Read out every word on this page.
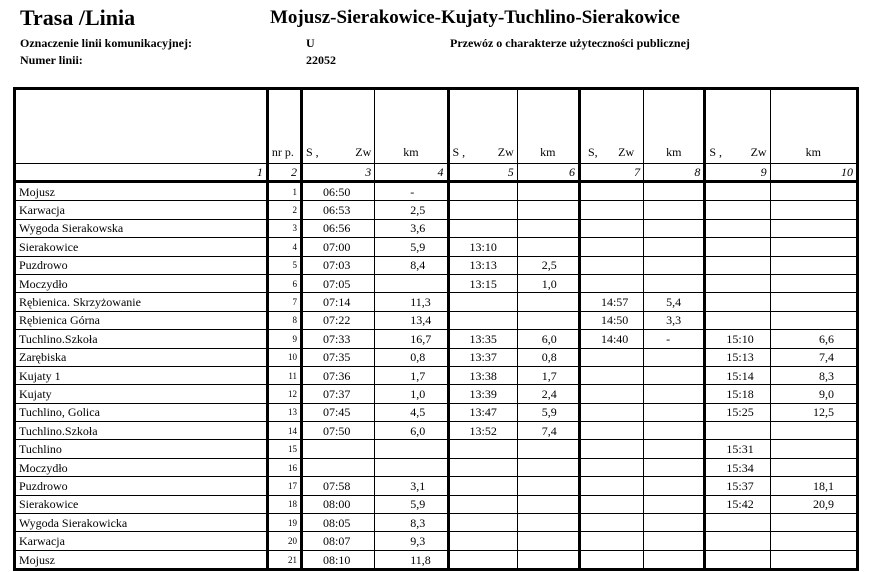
Trasa /Linia	Mojusz-Sierakowice-Kujaty-Tuchlino-Sierakowice
Oznaczenie linii komunikacyjnej:	U	Przewóz o charakterze użyteczności publicznej
Numer linii:	22052
	nr p.	S , Zw	km	S , Zw	km	S, Zw	km	S , Zw	km
1	2	3	4	5	6	7	8	9	10
Mojusz	1	06:50	-						
Karwacja	2	06:53	2,5						
Wygoda Sierakowska	3	06:56	3,6						
Sierakowice	4	07:00	5,9	13:10					
Puzdrowo	5	07:03	8,4	13:13	2,5				
Moczydło	6	07:05		13:15	1,0				
Rębienica. Skrzyżowanie	7	07:14	11,3			14:57	5,4		
Rębienica Górna	8	07:22	13,4			14:50	3,3		
Tuchlino.Szkoła	9	07:33	16,7	13:35	6,0	14:40	-	15:10	6,6
Zarębiska	10	07:35	0,8	13:37	0,8			15:13	7,4
Kujaty 1	11	07:36	1,7	13:38	1,7			15:14	8,3
Kujaty	12	07:37	1,0	13:39	2,4			15:18	9,0
Tuchlino, Golica	13	07:45	4,5	13:47	5,9			15:25	12,5
Tuchlino.Szkoła	14	07:50	6,0	13:52	7,4				
Tuchlino	15							15:31	
Moczydło	16							15:34	
Puzdrowo	17	07:58	3,1					15:37	18,1
Sierakowice	18	08:00	5,9					15:42	20,9
Wygoda Sierakowicka	19	08:05	8,3						
Karwacja	20	08:07	9,3						
Mojusz	21	08:10	11,8						
